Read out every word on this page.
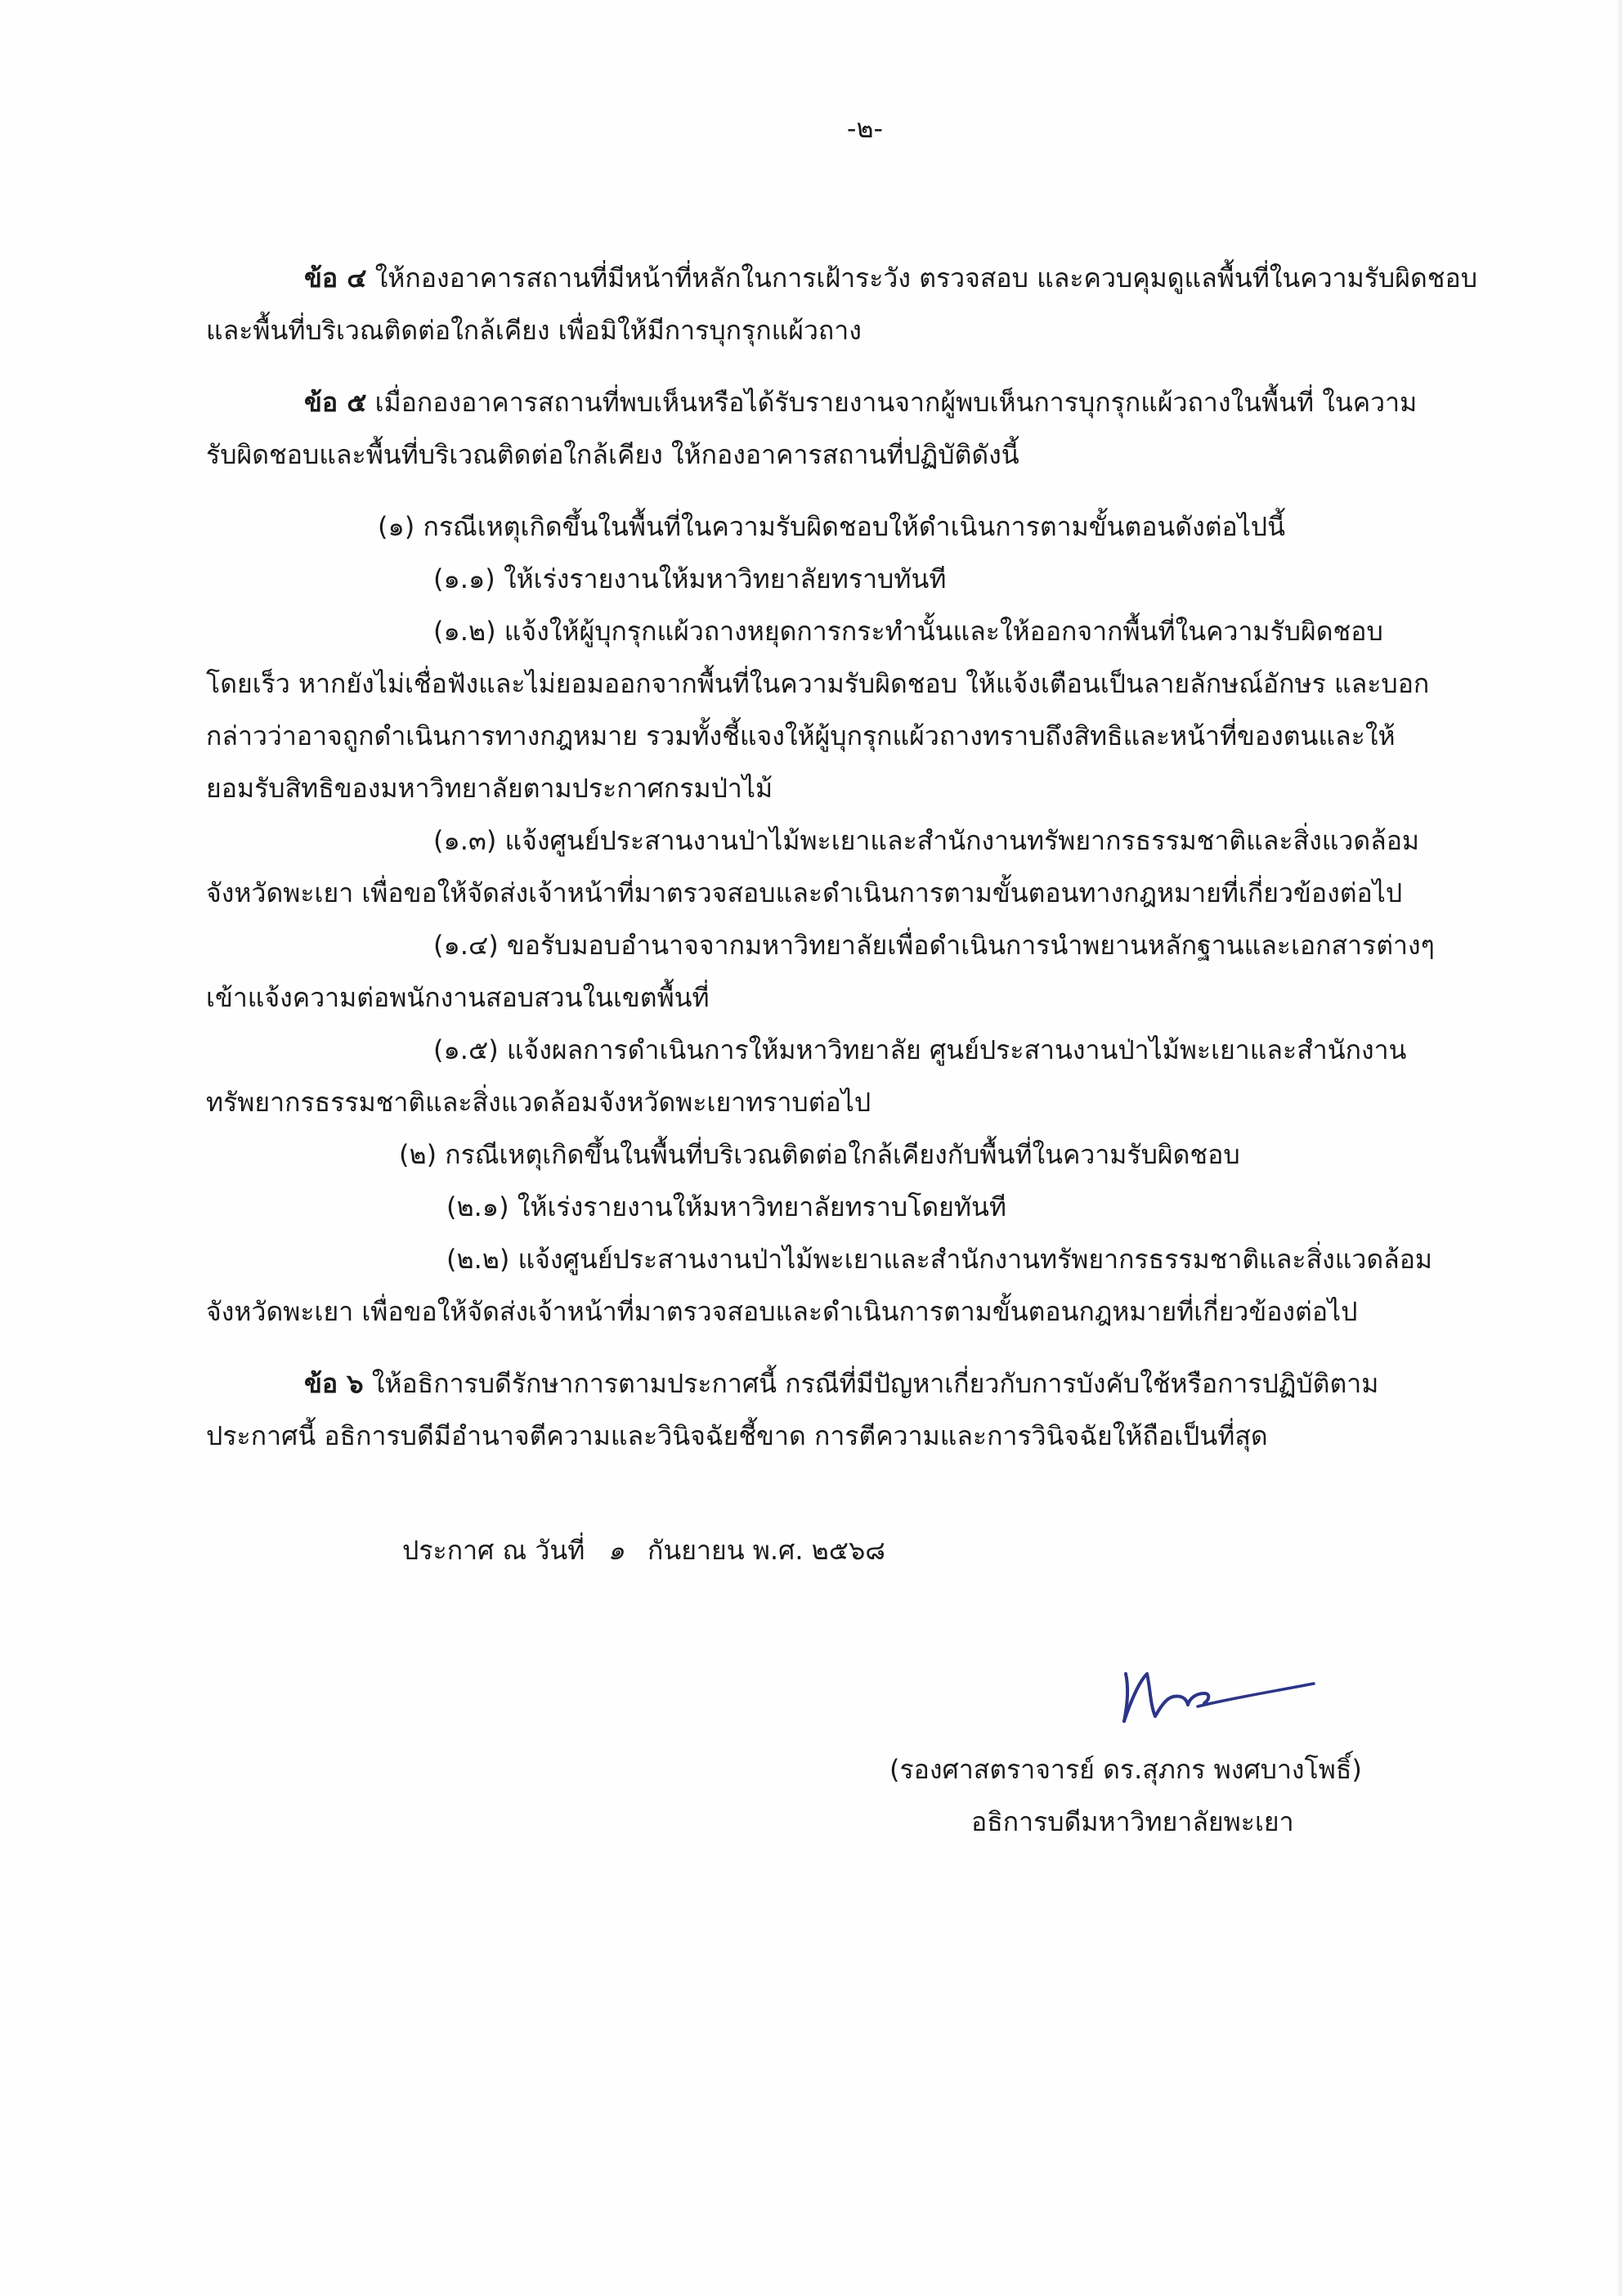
-๒-
ข้อ ๔ ให้กองอาคารสถานที่มีหน้าที่หลักในการเฝ้าระวัง ตรวจสอบ และควบคุมดูแลพื้นที่ในความรับผิดชอบ
และพื้นที่บริเวณติดต่อใกล้เคียง เพื่อมิให้มีการบุกรุกแผ้วถาง
ข้อ ๕ เมื่อกองอาคารสถานที่พบเห็นหรือได้รับรายงานจากผู้พบเห็นการบุกรุกแผ้วถางในพื้นที่ ในความ
รับผิดชอบและพื้นที่บริเวณติดต่อใกล้เคียง ให้กองอาคารสถานที่ปฏิบัติดังนี้
(๑) กรณีเหตุเกิดขึ้นในพื้นที่ในความรับผิดชอบให้ดำเนินการตามขั้นตอนดังต่อไปนี้
(๑.๑) ให้เร่งรายงานให้มหาวิทยาลัยทราบทันที
(๑.๒) แจ้งให้ผู้บุกรุกแผ้วถางหยุดการกระทำนั้นและให้ออกจากพื้นที่ในความรับผิดชอบ
โดยเร็ว หากยังไม่เชื่อฟังและไม่ยอมออกจากพื้นที่ในความรับผิดชอบ ให้แจ้งเตือนเป็นลายลักษณ์อักษร และบอก
กล่าวว่าอาจถูกดำเนินการทางกฎหมาย รวมทั้งชี้แจงให้ผู้บุกรุกแผ้วถางทราบถึงสิทธิและหน้าที่ของตนและให้
ยอมรับสิทธิของมหาวิทยาลัยตามประกาศกรมป่าไม้
(๑.๓) แจ้งศูนย์ประสานงานป่าไม้พะเยาและสำนักงานทรัพยากรธรรมชาติและสิ่งแวดล้อม
จังหวัดพะเยา เพื่อขอให้จัดส่งเจ้าหน้าที่มาตรวจสอบและดำเนินการตามขั้นตอนทางกฎหมายที่เกี่ยวข้องต่อไป
(๑.๔) ขอรับมอบอำนาจจากมหาวิทยาลัยเพื่อดำเนินการนำพยานหลักฐานและเอกสารต่างๆ
เข้าแจ้งความต่อพนักงานสอบสวนในเขตพื้นที่
(๑.๕) แจ้งผลการดำเนินการให้มหาวิทยาลัย ศูนย์ประสานงานป่าไม้พะเยาและสำนักงาน
ทรัพยากรธรรมชาติและสิ่งแวดล้อมจังหวัดพะเยาทราบต่อไป
(๒) กรณีเหตุเกิดขึ้นในพื้นที่บริเวณติดต่อใกล้เคียงกับพื้นที่ในความรับผิดชอบ
(๒.๑) ให้เร่งรายงานให้มหาวิทยาลัยทราบโดยทันที
(๒.๒) แจ้งศูนย์ประสานงานป่าไม้พะเยาและสำนักงานทรัพยากรธรรมชาติและสิ่งแวดล้อม
จังหวัดพะเยา เพื่อขอให้จัดส่งเจ้าหน้าที่มาตรวจสอบและดำเนินการตามขั้นตอนกฎหมายที่เกี่ยวข้องต่อไป
ข้อ ๖ ให้อธิการบดีรักษาการตามประกาศนี้ กรณีที่มีปัญหาเกี่ยวกับการบังคับใช้หรือการปฏิบัติตาม
ประกาศนี้ อธิการบดีมีอำนาจตีความและวินิจฉัยชี้ขาด การตีความและการวินิจฉัยให้ถือเป็นที่สุด
ประกาศ ณ วันที่ ๑ กันยายน พ.ศ. ๒๕๖๘
(รองศาสตราจารย์ ดร.สุภกร พงศบางโพธิ์)
อธิการบดีมหาวิทยาลัยพะเยา
